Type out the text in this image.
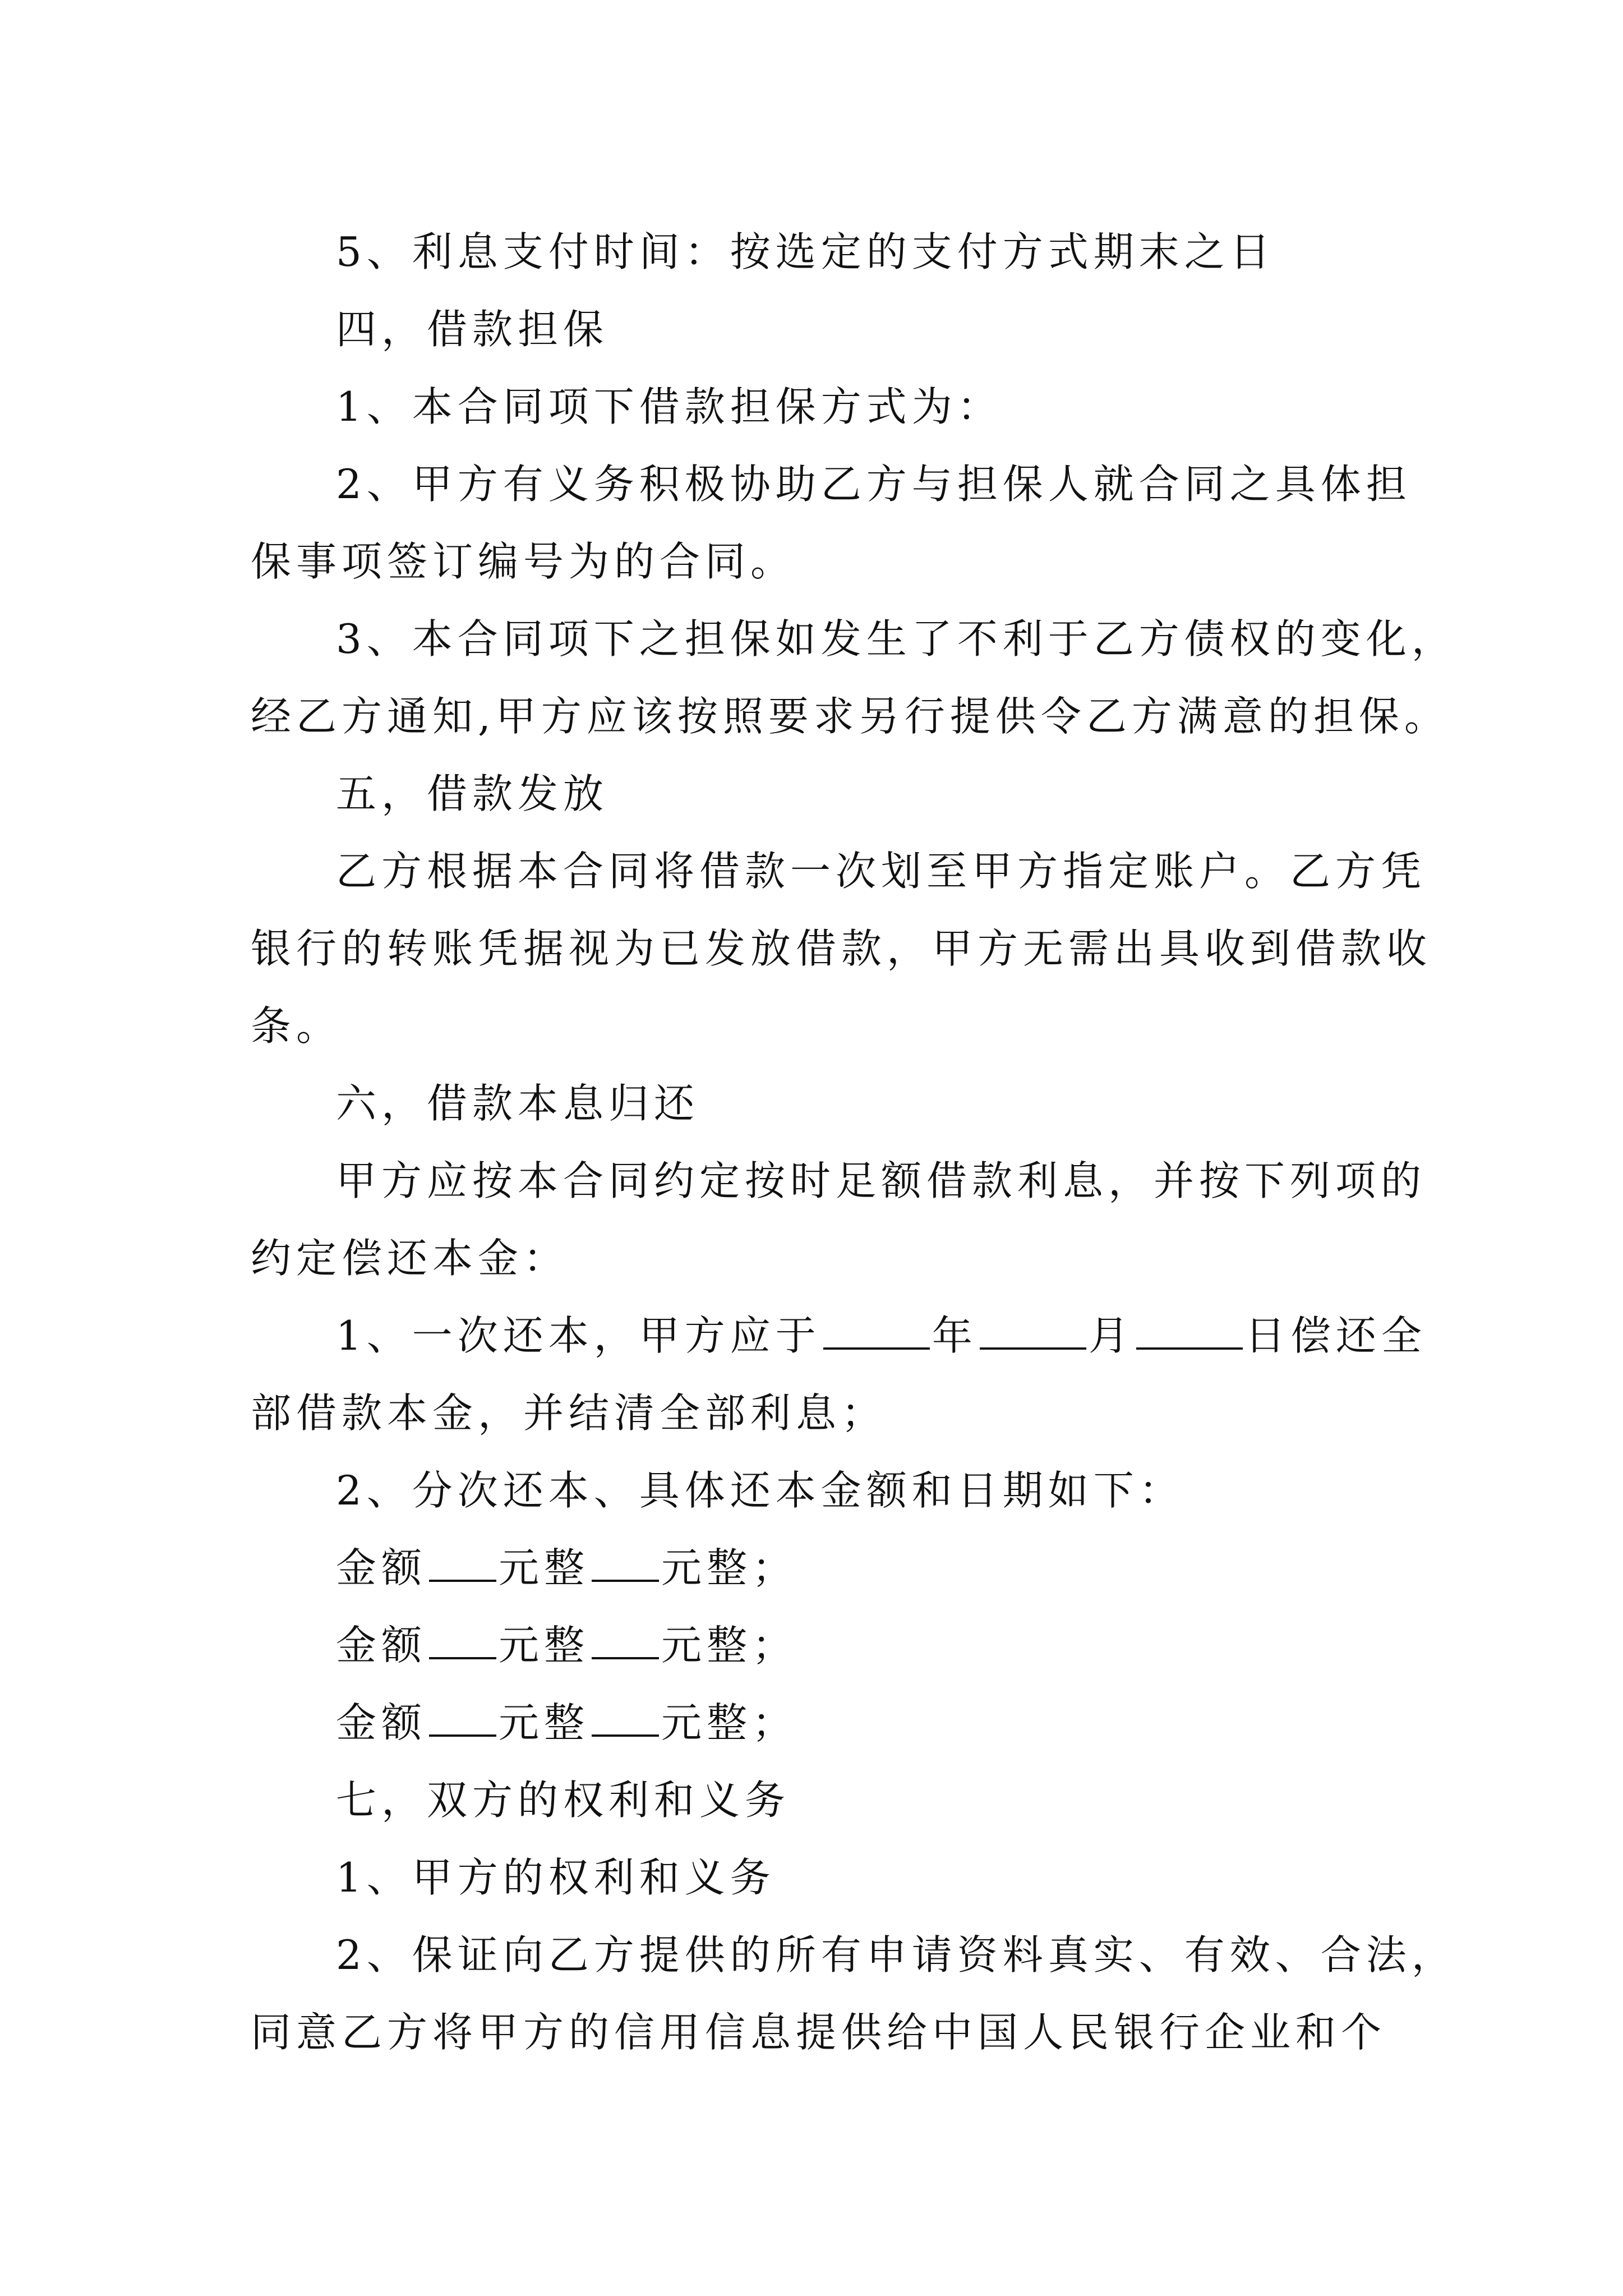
5、利息支付时间：按选定的支付方式期末之日
四，借款担保
1、本合同项下借款担保方式为：
2、甲方有义务积极协助乙方与担保人就合同之具体担
保事项签订编号为的合同。
3、本合同项下之担保如发生了不利于乙方债权的变化，
经乙方通知,甲方应该按照要求另行提供令乙方满意的担保。
五，借款发放
乙方根据本合同将借款一次划至甲方指定账户。乙方凭
银行的转账凭据视为已发放借款，甲方无需出具收到借款收
条。
六，借款本息归还
甲方应按本合同约定按时足额借款利息，并按下列项的
约定偿还本金：
1、一次还本，甲方应于	年	月	日偿还全
部借款本金，并结清全部利息；
2、分次还本、具体还本金额和日期如下：
金额 元整 元整；
金额 元整 元整；
金额 元整 元整；
七，双方的权利和义务
1、甲方的权利和义务
2、保证向乙方提供的所有申请资料真实、有效、合法，
同意乙方将甲方的信用信息提供给中国人民银行企业和个
